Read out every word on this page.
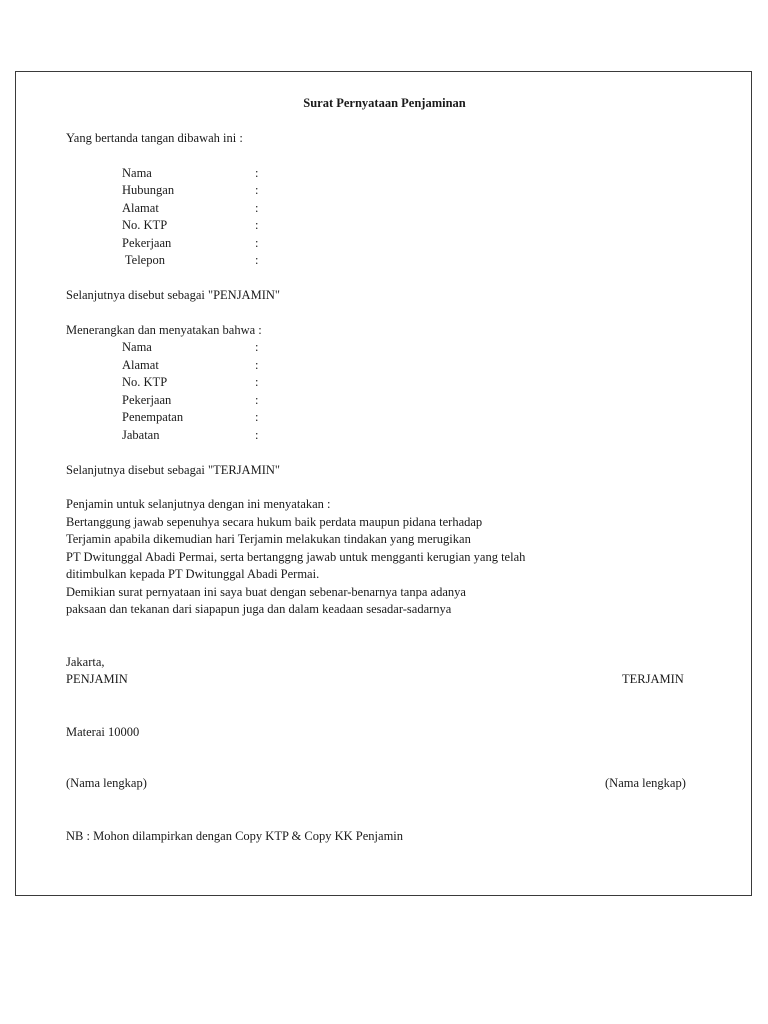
Surat Pernyataan Penjaminan
Yang bertanda tangan dibawah ini :
Nama	:
Hubungan	:
Alamat	:
No. KTP	:
Pekerjaan	:
Telepon	:
Selanjutnya disebut sebagai "PENJAMIN"
Menerangkan dan menyatakan bahwa :
Nama	:
Alamat	:
No. KTP	:
Pekerjaan	:
Penempatan	:
Jabatan	:
Selanjutnya disebut sebagai "TERJAMIN"
Penjamin untuk selanjutnya dengan ini menyatakan :
Bertanggung jawab sepenuhya secara hukum baik perdata maupun pidana terhadap
Terjamin apabila dikemudian hari Terjamin melakukan tindakan yang merugikan
PT Dwitunggal Abadi Permai, serta bertanggng jawab untuk mengganti kerugian yang telah
ditimbulkan kepada PT Dwitunggal Abadi Permai.
Demikian surat pernyataan ini saya buat dengan sebenar-benarnya tanpa adanya
paksaan dan tekanan dari siapapun juga dan dalam keadaan sesadar-sadarnya
Jakarta,
PENJAMIN	TERJAMIN
Materai 10000
(Nama lengkap)	(Nama lengkap)
NB : Mohon dilampirkan dengan Copy KTP & Copy KK Penjamin
